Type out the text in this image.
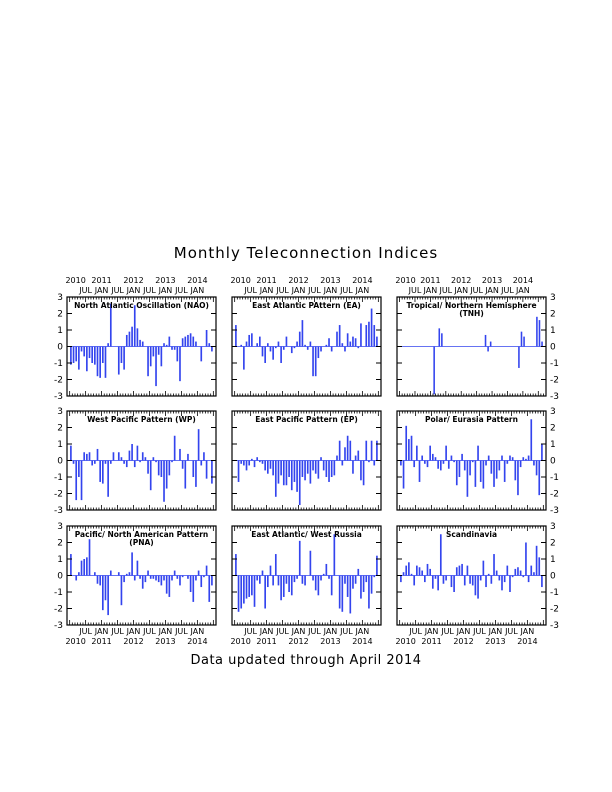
Monthly Teleconnection Indices
North Atlantic Oscillation (NAO)
3
2
1
0
-1
-2
-3
JUL JAN JUL JAN JUL JAN JUL JAN
2010 2011 2012 2013 2014
East Atlantic PAttern (EA)
JUL JAN JUL JAN JUL JAN JUL JAN
2010 2011 2012 2013 2014
Tropical/ Northern Hemisphere
(TNH)
3
2
1
0
-1
-2
-3
JUL JAN JUL JAN JUL JAN JUL JAN
2010 2011 2012 2013 2014
West Pacific Pattern (WP)
3
2
1
0
-1
-2
-3
East Pacific Pattern (EP)	Polar/ Eurasia Pattern
3
2
1
0
-1
-2
-3
Pacific/ North American Pattern
(PNA)
3
2
1
0
-1
-2
-3
JUL JAN JUL JAN JUL JAN JUL JAN
2010 2011 2012 2013 2014
East Atlantic/ West Russia
JUL JAN JUL JAN JUL JAN JUL JAN
2010 2011 2012 2013 2014
Scandinavia
3
2
1
0
-1
-2
-3
JUL JAN JUL JAN JUL JAN JUL JAN
2010 2011 2012 2013 2014
Data updated through April 2014
